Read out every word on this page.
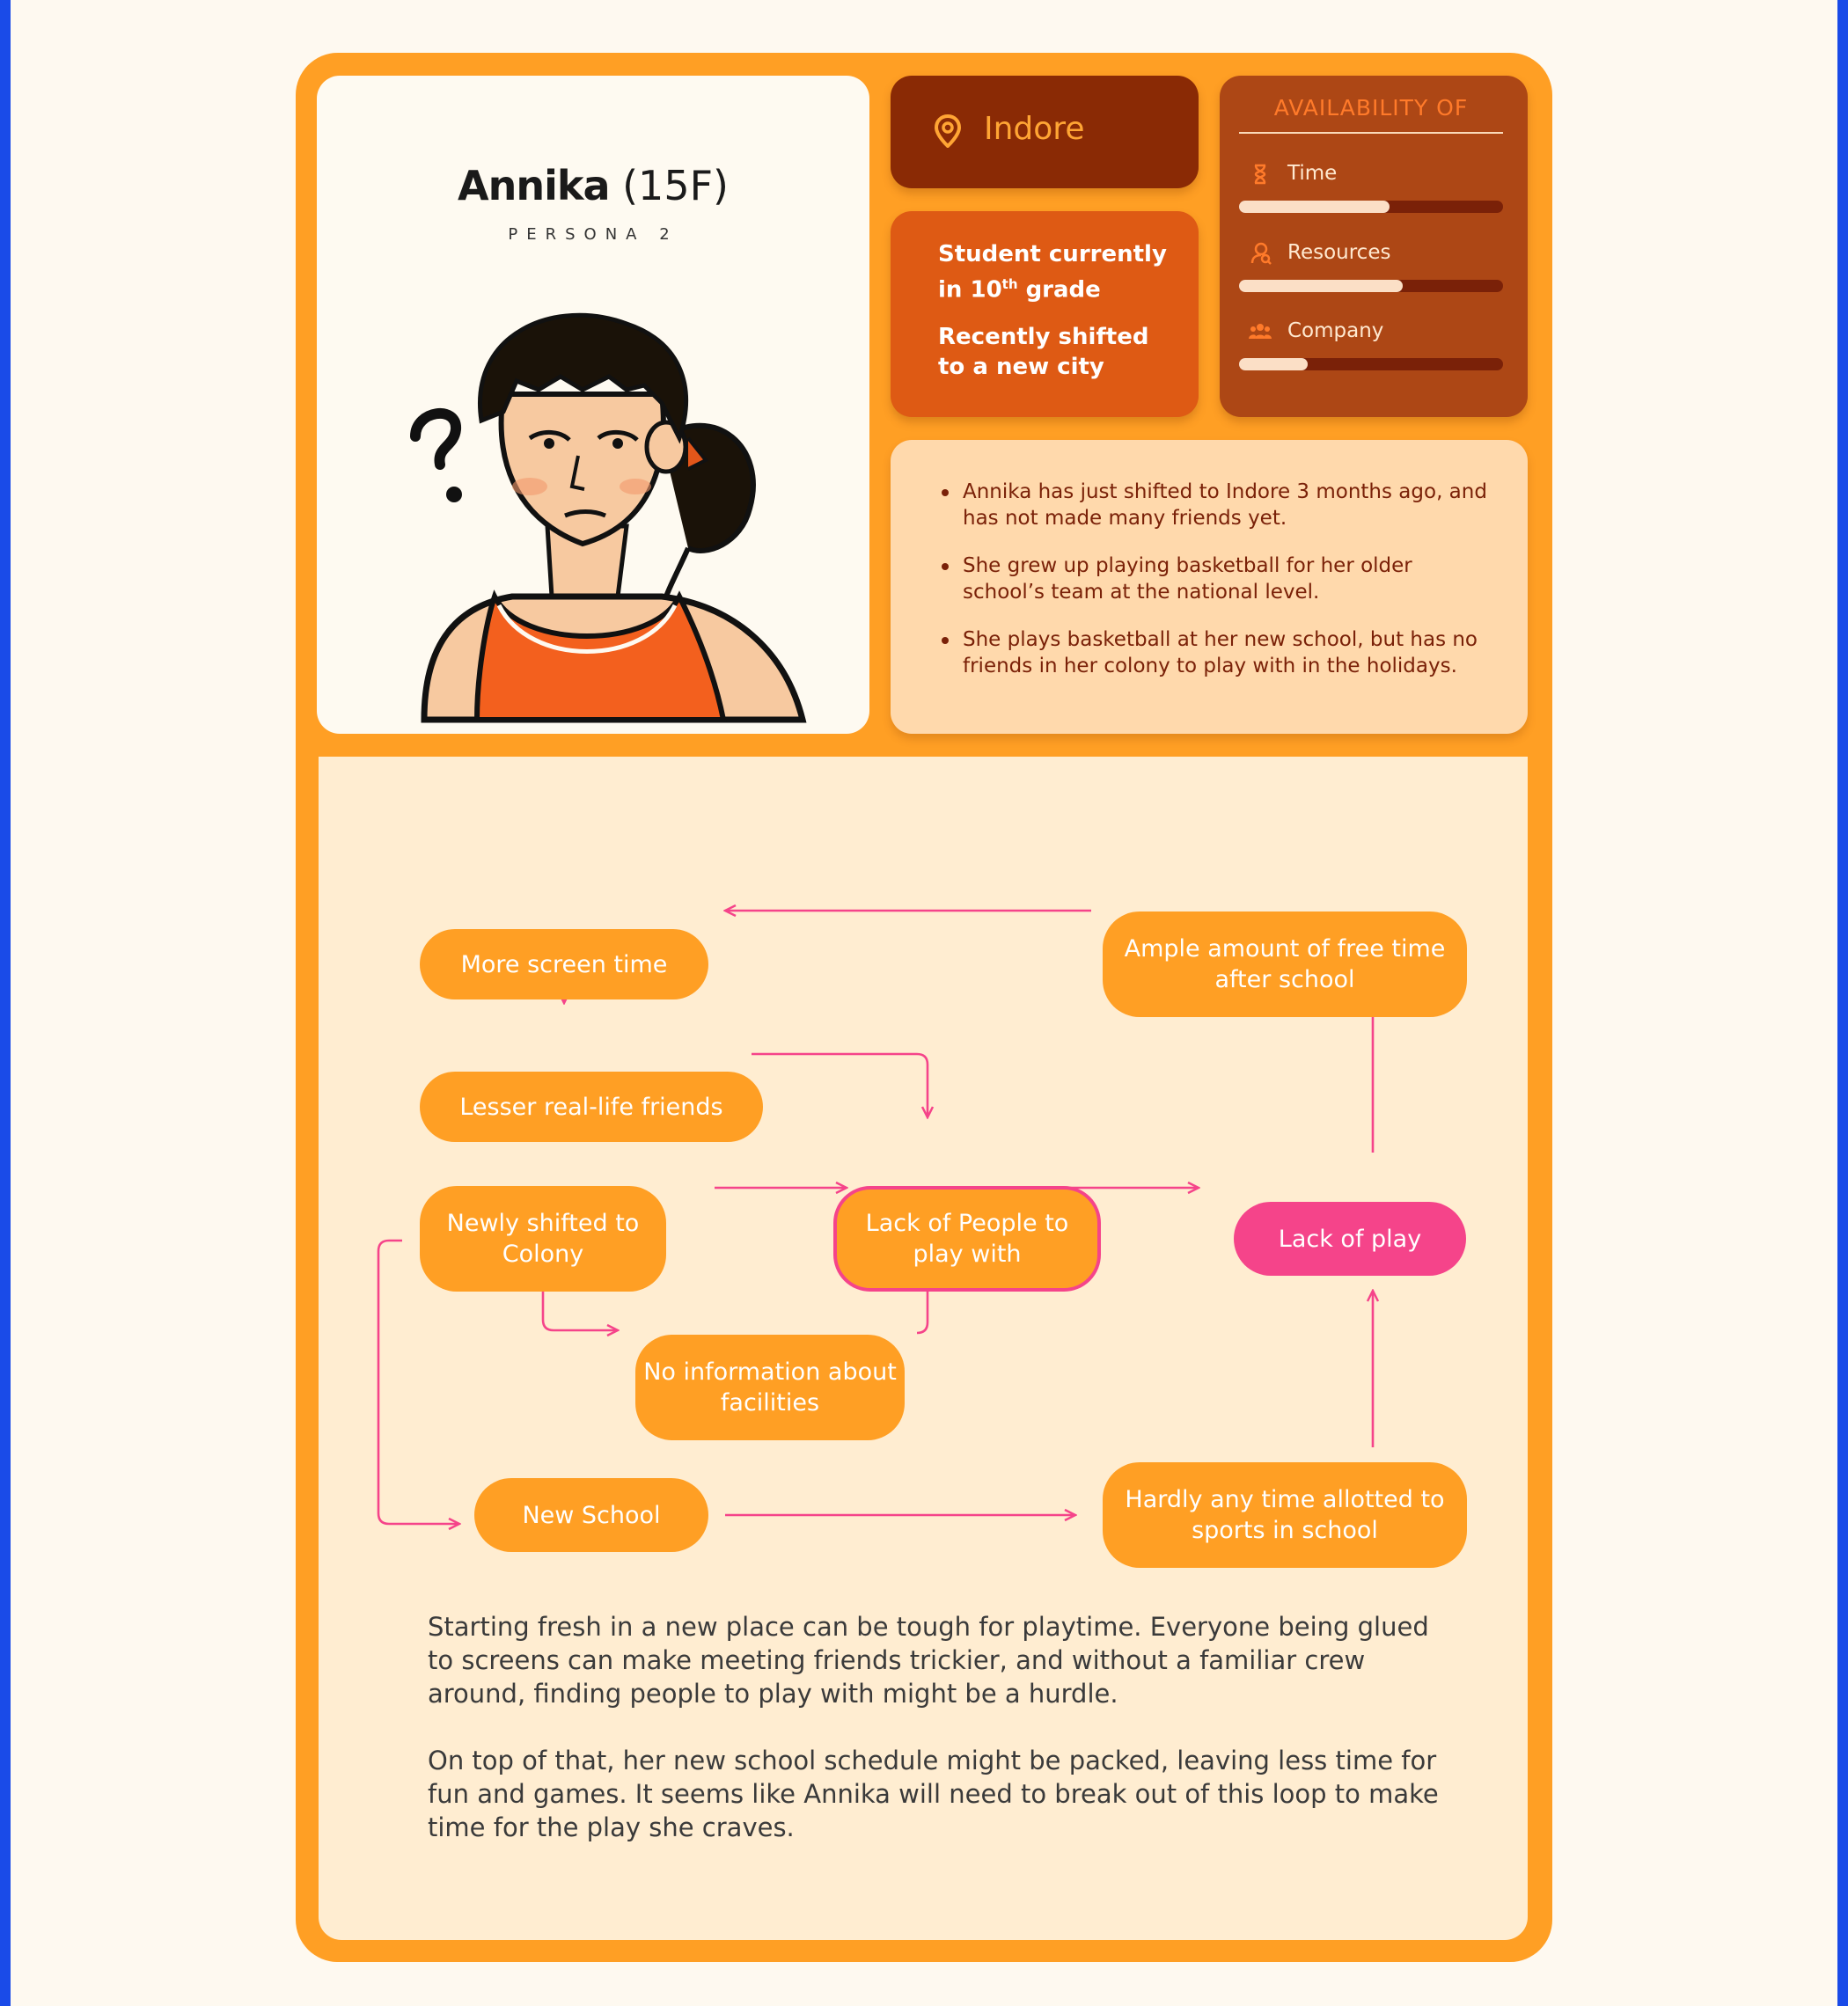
Annika (15F)
PERSONA 2
Indore
Student currently in 10th grade
Recently shifted to a new city
AVAILABILITY OF
Time
Resources
Company
Annika has just shifted to Indore 3 months ago, and has not made many friends yet.
She grew up playing basketball for her older school’s team at the national level.
She plays basketball at her new school, but has no friends in her colony to play with in the holidays.
More screen time
Ample amount of free time after school
Lesser real-life friends
Newly shifted to Colony
Lack of People to play with
Lack of play
No information about facilities
New School
Hardly any time allotted to sports in school

Starting fresh in a new place can be tough for playtime. Everyone being glued to screens can make meeting friends trickier, and without a familiar crew around, finding people to play with might be a hurdle.

On top of that, her new school schedule might be packed, leaving less time for fun and games. It seems like Annika will need to break out of this loop to make time for the play she craves.
